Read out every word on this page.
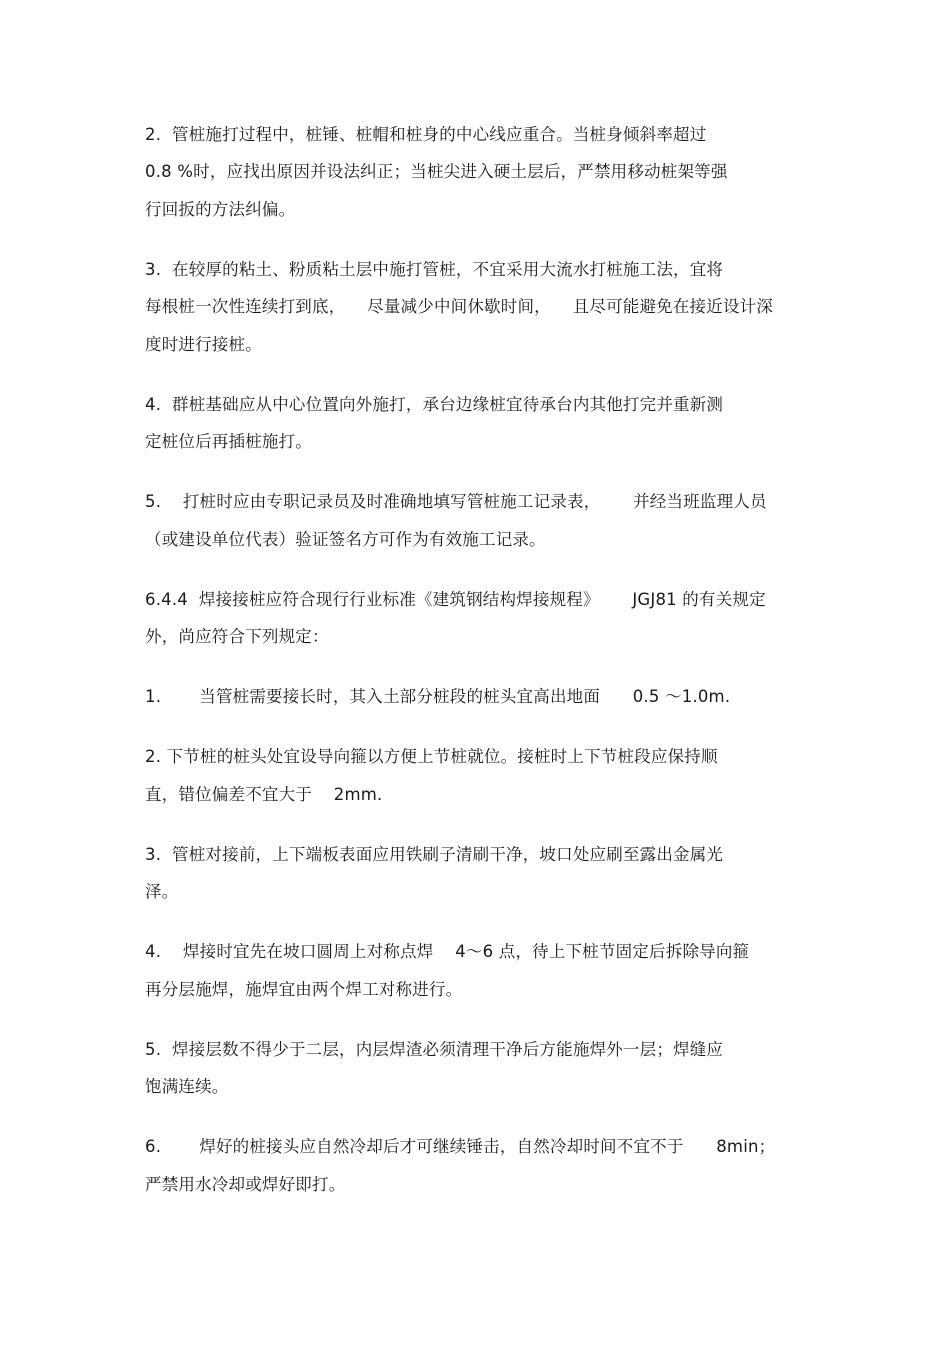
2.  管桩施打过程中，桩锤、桩帽和桩身的中心线应重合。当桩身倾斜率超过
0.8 %时，应找出原因并设法纠正；当桩尖进入硬土层后，严禁用移动桩架等强
行回扳的方法纠偏。
3.  在较厚的粘土、粉质粘土层中施打管桩，不宜采用大流水打桩施工法，宜将
每根桩一次性连续打到底，    尽量减少中间休歇时间，    且尽可能避免在接近设计深
度时进行接桩。
4.  群桩基础应从中心位置向外施打，承台边缘桩宜待承台内其他打完并重新测
定桩位后再插桩施打。
5.    打桩时应由专职记录员及时准确地填写管桩施工记录表，      并经当班监理人员
（或建设单位代表）验证签名方可作为有效施工记录。
6.4.4  焊接接桩应符合现行行业标准《建筑钢结构焊接规程》      JGJ81 的有关规定
外，尚应符合下列规定：
1.       当管桩需要接长时，其入土部分桩段的桩头宜高出地面      0.5 ～1.0m.
2. 下节桩的桩头处宜设导向箍以方便上节桩就位。接桩时上下节桩段应保持顺
直，错位偏差不宜大于    2mm.
3.  管桩对接前，上下端板表面应用铁刷子清刷干净，坡口处应刷至露出金属光
泽。
4.    焊接时宜先在坡口圆周上对称点焊    4～6 点，待上下桩节固定后拆除导向箍
再分层施焊，施焊宜由两个焊工对称进行。
5.  焊接层数不得少于二层，内层焊渣必须清理干净后方能施焊外一层；焊缝应
饱满连续。
6.       焊好的桩接头应自然冷却后才可继续锤击，自然冷却时间不宜不于      8min；
严禁用水冷却或焊好即打。
